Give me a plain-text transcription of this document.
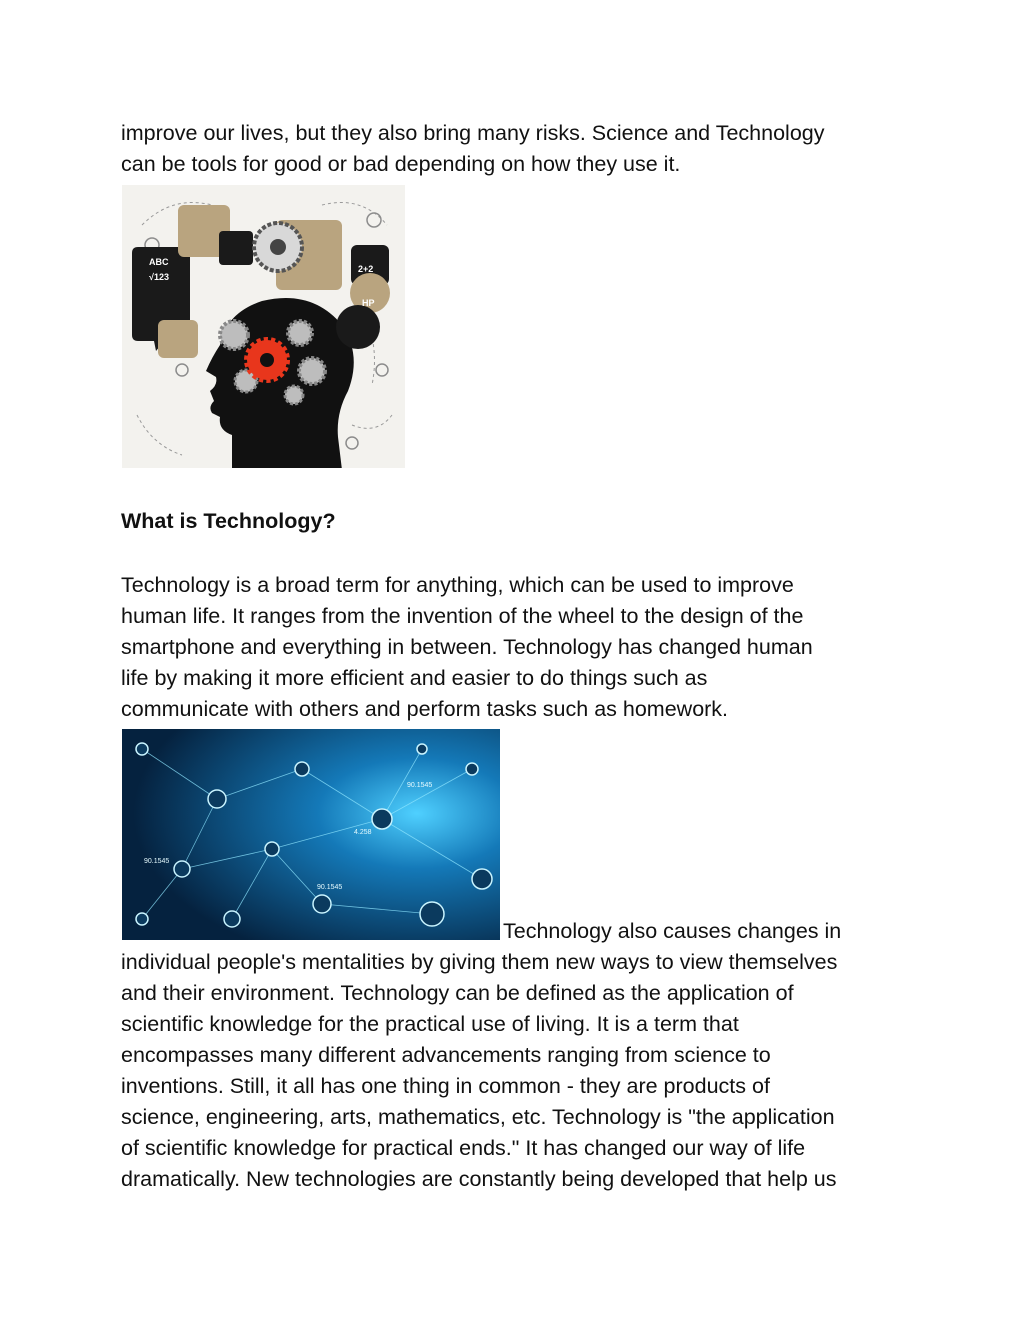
improve our lives, but they also bring many risks. Science and Technology
can be tools for good or bad depending on how they use it.

ABC
√123
2+2
HP
What is Technology?

Technology is a broad term for anything, which can be used to improve
human life. It ranges from the invention of the wheel to the design of the
smartphone and everything in between. Technology has changed human
life by making it more efficient and easier to do things such as
communicate with others and perform tasks such as homework.

90.1545
90.1545
90.1545
4.258
Technology also causes changes in

individual people's mentalities by giving them new ways to view themselves
and their environment. Technology can be defined as the application of
scientific knowledge for the practical use of living. It is a term that
encompasses many different advancements ranging from science to
inventions. Still, it all has one thing in common - they are products of
science, engineering, arts, mathematics, etc. Technology is "the application
of scientific knowledge for practical ends." It has changed our way of life
dramatically. New technologies are constantly being developed that help us
